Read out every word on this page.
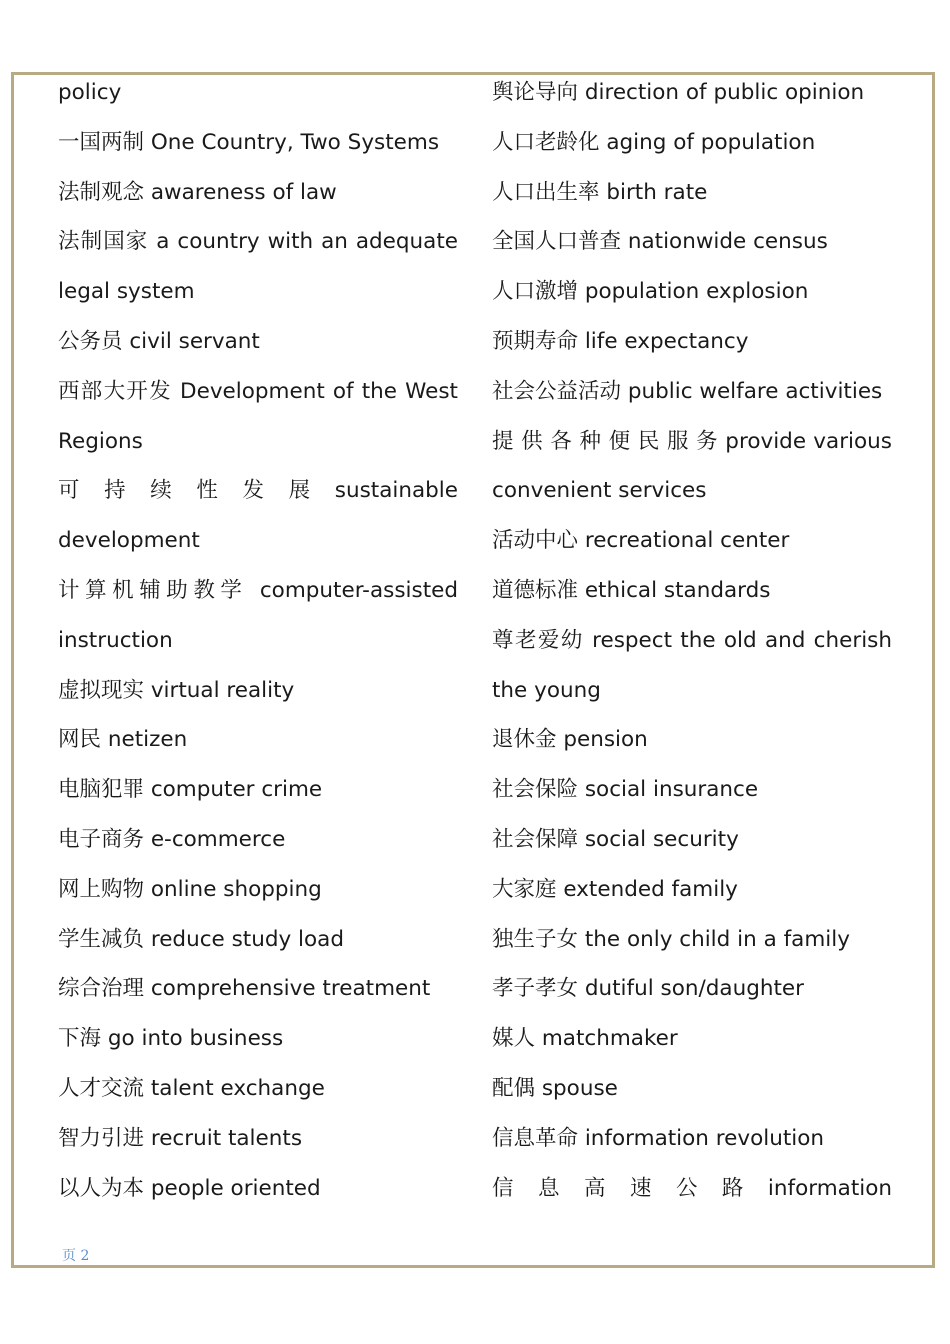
policy
一国两制 One Country, Two Systems
法制观念 awareness of law
法制国家 a country with an adequate
legal system
公务员 civil servant
西部大开发 Development of the West
Regions
可 持 续 性 发 展 sustainable
development
计算机辅助教学 computer-assisted
instruction
虚拟现实 virtual reality
网民 netizen
电脑犯罪 computer crime
电子商务 e-commerce
网上购物 online shopping
学生减负 reduce study load
综合治理 comprehensive treatment
下海 go into business
人才交流 talent exchange
智力引进 recruit talents
以人为本 people oriented
舆论导向 direction of public opinion
人口老龄化 aging of population
人口出生率 birth rate
全国人口普查 nationwide census
人口激增 population explosion
预期寿命 life expectancy
社会公益活动 public welfare activities
提 供 各 种 便 民 服 务 provide various
convenient services
活动中心 recreational center
道德标准 ethical standards
尊老爱幼 respect the old and cherish
the young
退休金 pension
社会保险 social insurance
社会保障 social security
大家庭 extended family
独生子女 the only child in a family
孝子孝女 dutiful son/daughter
媒人 matchmaker
配偶 spouse
信息革命 information revolution
信 息 高 速 公 路 information
页 2
